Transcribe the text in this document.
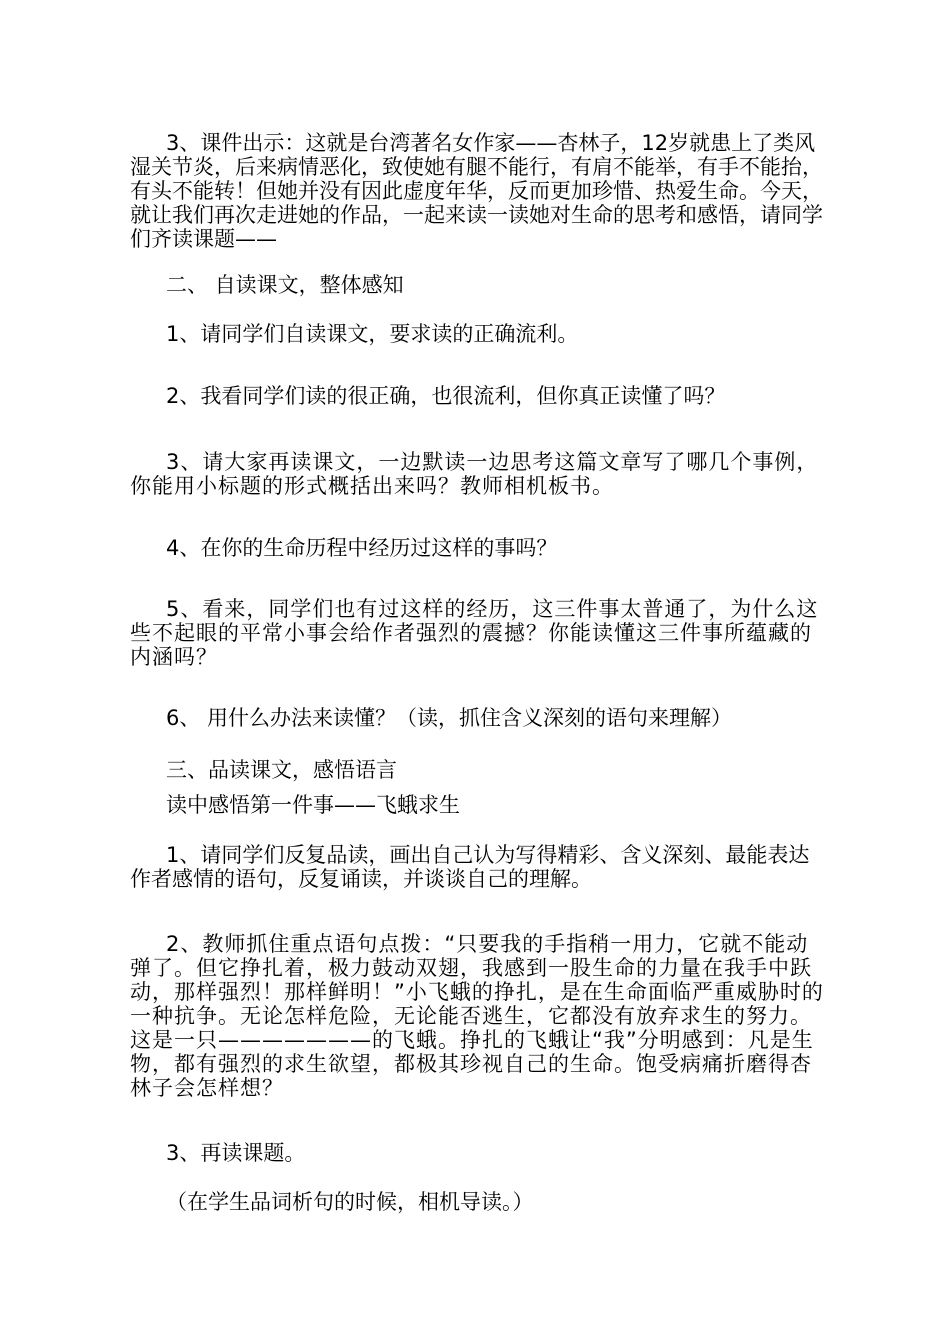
3、课件出示：这就是台湾著名女作家——杏林子，12岁就患上了类风湿关节炎，后来病情恶化，致使她有腿不能行，有肩不能举，有手不能抬，有头不能转！但她并没有因此虚度年华，反而更加珍惜、热爱生命。今天，就让我们再次走进她的作品，一起来读一读她对生命的思考和感悟，请同学们齐读课题——

二、 自读课文，整体感知

1、请同学们自读课文，要求读的正确流利。

2、我看同学们读的很正确，也很流利，但你真正读懂了吗？

3、请大家再读课文，一边默读一边思考这篇文章写了哪几个事例，你能用小标题的形式概括出来吗？教师相机板书。

4、在你的生命历程中经历过这样的事吗？

5、看来，同学们也有过这样的经历，这三件事太普通了，为什么这些不起眼的平常小事会给作者强烈的震撼？你能读懂这三件事所蕴藏的内涵吗？

6、 用什么办法来读懂？（读，抓住含义深刻的语句来理解）

三、品读课文，感悟语言

读中感悟第一件事——飞蛾求生

1、请同学们反复品读，画出自己认为写得精彩、含义深刻、最能表达作者感情的语句，反复诵读，并谈谈自己的理解。

2、教师抓住重点语句点拨：“只要我的手指稍一用力，它就不能动弹了。但它挣扎着，极力鼓动双翅，我感到一股生命的力量在我手中跃动，那样强烈！那样鲜明！”小飞蛾的挣扎，是在生命面临严重威胁时的一种抗争。无论怎样危险，无论能否逃生，它都没有放弃求生的努力。这是一只———————的飞蛾。挣扎的飞蛾让“我”分明感到：凡是生物，都有强烈的求生欲望，都极其珍视自己的生命。饱受病痛折磨得杏林子会怎样想？

3、再读课题。

（在学生品词析句的时候，相机导读。）
